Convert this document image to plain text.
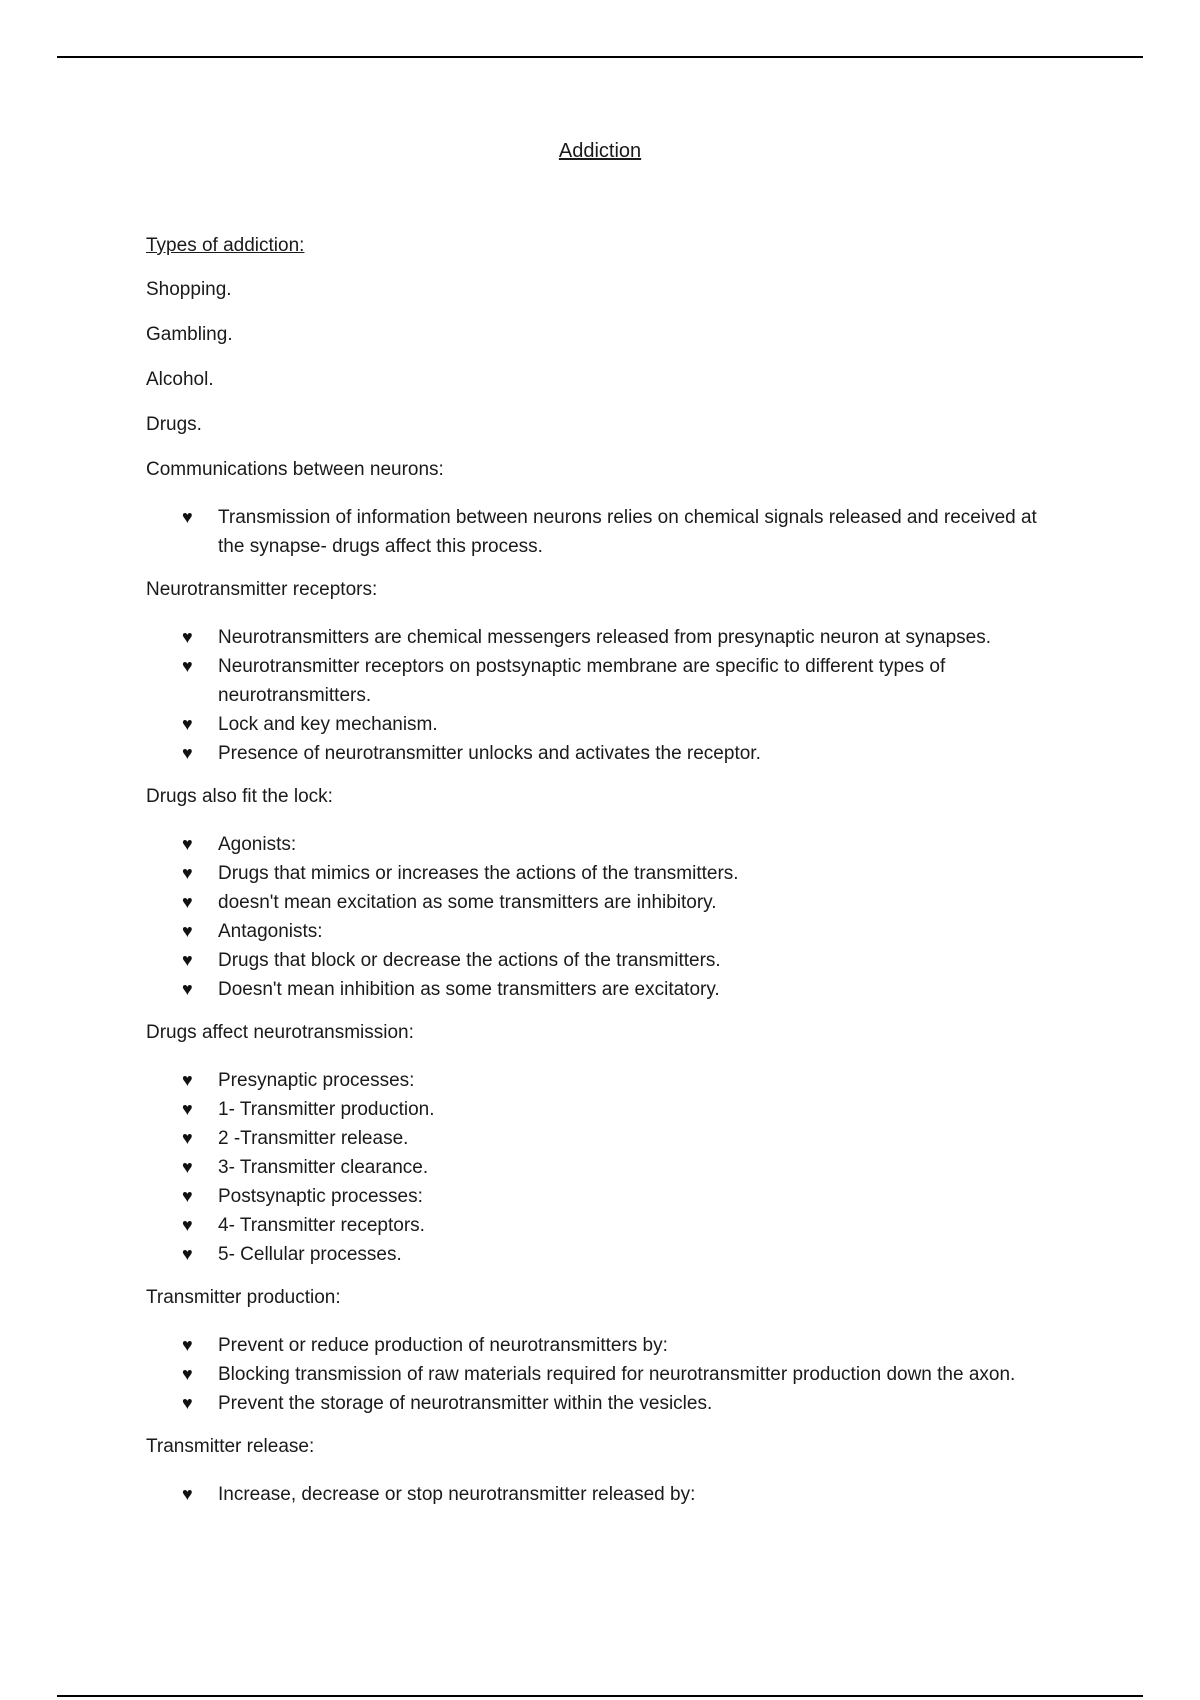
Addiction

Types of addiction:

Shopping.

Gambling.

Alcohol.

Drugs.

Communications between neurons:

♥ Transmission of information between neurons relies on chemical signals released and received at the synapse- drugs affect this process.

Neurotransmitter receptors:

♥ Neurotransmitters are chemical messengers released from presynaptic neuron at synapses.
♥ Neurotransmitter receptors on postsynaptic membrane are specific to different types of neurotransmitters.
♥ Lock and key mechanism.
♥ Presence of neurotransmitter unlocks and activates the receptor.

Drugs also fit the lock:

♥ Agonists:
♥ Drugs that mimics or increases the actions of the transmitters.
♥ doesn't mean excitation as some transmitters are inhibitory.
♥ Antagonists:
♥ Drugs that block or decrease the actions of the transmitters.
♥ Doesn't mean inhibition as some transmitters are excitatory.

Drugs affect neurotransmission:

♥ Presynaptic processes:
♥ 1- Transmitter production.
♥ 2 -Transmitter release.
♥ 3- Transmitter clearance.
♥ Postsynaptic processes:
♥ 4- Transmitter receptors.
♥ 5- Cellular processes.

Transmitter production:

♥ Prevent or reduce production of neurotransmitters by:
♥ Blocking transmission of raw materials required for neurotransmitter production down the axon.
♥ Prevent the storage of neurotransmitter within the vesicles.

Transmitter release:

♥ Increase, decrease or stop neurotransmitter released by:
